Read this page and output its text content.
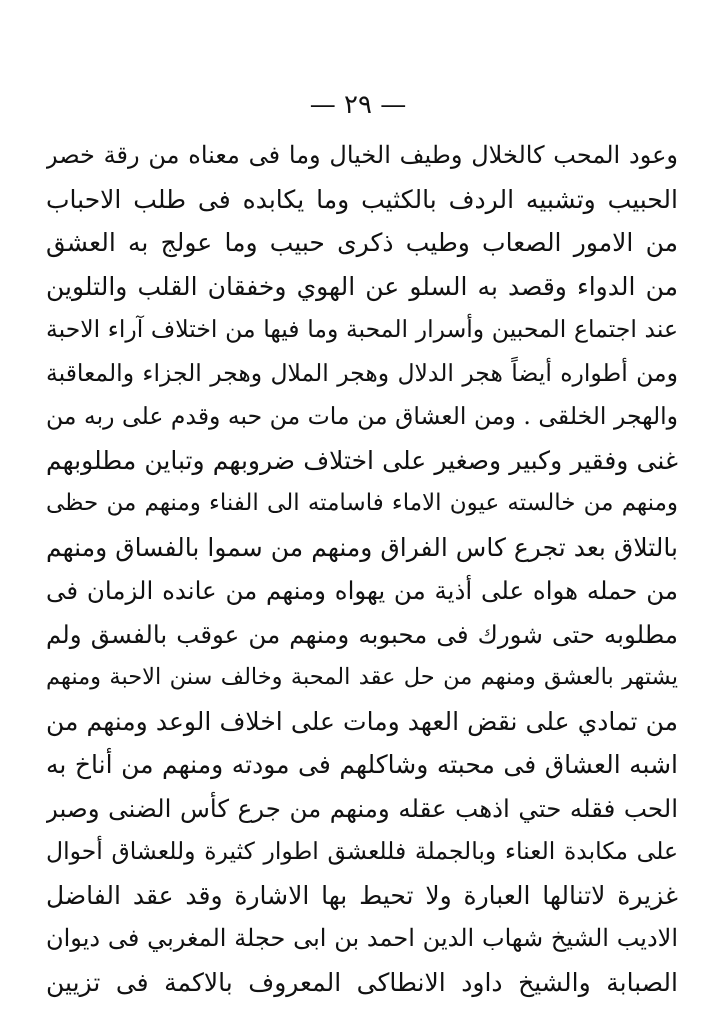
— ٢٩ —
وعود المحب كالخلال وطيف الخيال وما فى معناه من رقة خصر
الحبيب وتشبيه الردف بالكثيب وما يكابده فى طلب الاحباب
من الامور الصعاب وطيب ذكرى حبيب وما عولج به العشق
من الدواء وقصد به السلو عن الهوي وخفقان القلب والتلوين
عند اجتماع المحبين وأسرار المحبة وما فيها من اختلاف آراء الاحبة
ومن أطواره أيضاً هجر الدلال وهجر الملال وهجر الجزاء والمعاقبة
والهجر الخلقى . ومن العشاق من مات من حبه وقدم على ربه من
غنى وفقير وكبير وصغير على اختلاف ضروبهم وتباين مطلوبهم
ومنهم من خالسته عيون الاماء فاسامته الى الفناء ومنهم من حظى
بالتلاق بعد تجرع كاس الفراق ومنهم من سموا بالفساق ومنهم
من حمله هواه على أذية من يهواه ومنهم من عانده الزمان فى
مطلوبه حتى شورك فى محبوبه ومنهم من عوقب بالفسق ولم
يشتهر بالعشق ومنهم من حل عقد المحبة وخالف سنن الاحبة ومنهم
من تمادي على نقض العهد ومات على اخلاف الوعد ومنهم من
اشبه العشاق فى محبته وشاكلهم فى مودته ومنهم من أناخ به
الحب فقله حتي اذهب عقله ومنهم من جرع كأس الضنى وصبر
على مكابدة العناء وبالجملة فللعشق اطوار كثيرة وللعشاق أحوال
غزيرة لاتنالها العبارة ولا تحيط بها الاشارة وقد عقد الفاضل
الاديب الشيخ شهاب الدين احمد بن ابى حجلة المغربي فى ديوان
الصبابة والشيخ داود الانطاكى المعروف بالاكمة فى تزيين
